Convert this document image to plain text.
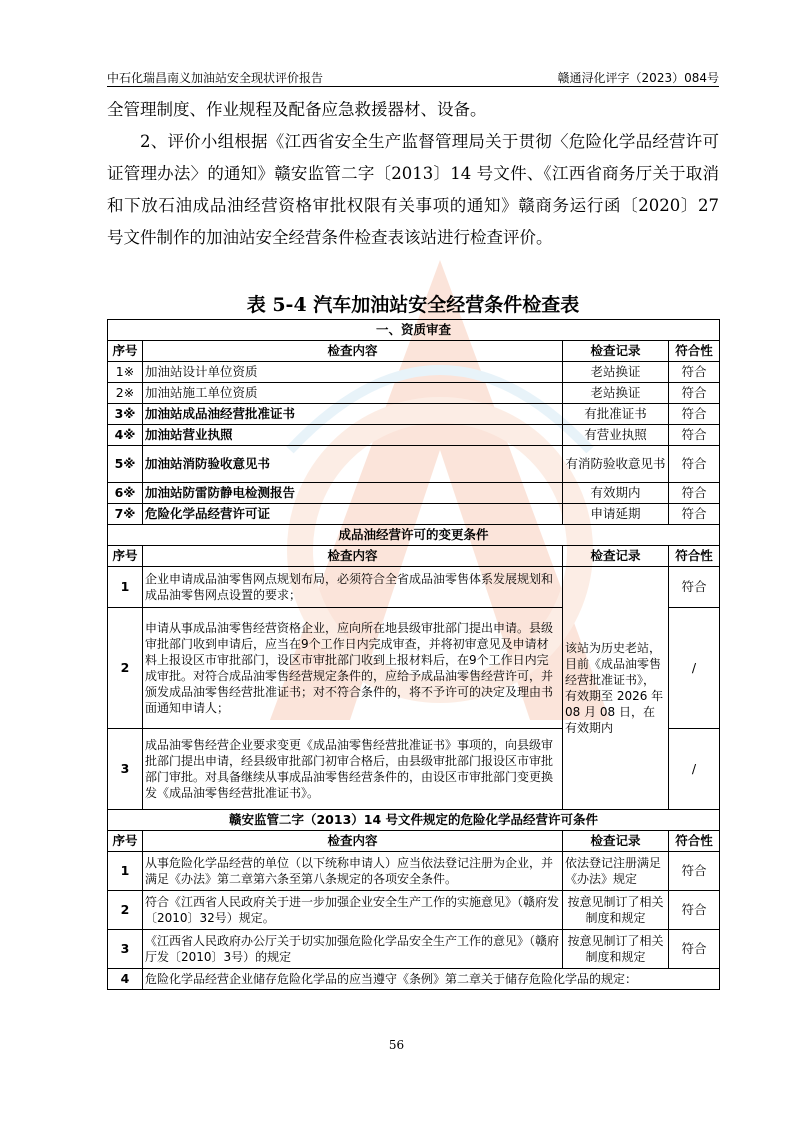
中石化瑞昌南义加油站安全现状评价报告	赣通浔化评字（2023）084号
全管理制度、作业规程及配备应急救援器材、设备。
2、评价小组根据《江西省安全生产监督管理局关于贯彻〈危险化学品经营许可证管理办法〉的通知》赣安监管二字〔2013〕14 号文件、《江西省商务厅关于取消和下放石油成品油经营资格审批权限有关事项的通知》赣商务运行函〔2020〕27 号文件制作的加油站安全经营条件检查表该站进行检查评价。
表 5-4 汽车加油站安全经营条件检查表
一、资质审查			
序号	检查内容	检查记录	符合性
1※	加油站设计单位资质	老站换证	符合
2※	加油站施工单位资质	老站换证	符合
3※	加油站成品油经营批准证书	有批准证书	符合
4※	加油站营业执照	有营业执照	符合
5※	加油站消防验收意见书	有消防验收意见书	符合
6※	加油站防雷防静电检测报告	有效期内	符合
7※	危险化学品经营许可证	申请延期	符合
成品油经营许可的变更条件			
序号	检查内容	检查记录	符合性
1	企业申请成品油零售网点规划布局，必须符合全省成品油零售体系发展规划和成品油零售网点设置的要求；	该站为历史老站，目前《成品油零售经营批准证书》，有效期至 2026 年 08 月 08 日，在有效期内	符合
2	申请从事成品油零售经营资格企业，应向所在地县级审批部门提出申请。县级审批部门收到申请后，应当在9个工作日内完成审查，并将初审意见及申请材料上报设区市审批部门，设区市审批部门收到上报材料后，在9个工作日内完成审批。对符合成品油零售经营规定条件的，应给予成品油零售经营许可，并颁发成品油零售经营批准证书；对不符合条件的，将不予许可的决定及理由书面通知申请人；		/
3	成品油零售经营企业要求变更《成品油零售经营批准证书》事项的，向县级审批部门提出申请，经县级审批部门初审合格后，由县级审批部门报设区市审批部门审批。对具备继续从事成品油零售经营条件的，由设区市审批部门变更换发《成品油零售经营批准证书》。		/
赣安监管二字（2013）14 号文件规定的危险化学品经营许可条件			
序号	检查内容	检查记录	符合性
1	从事危险化学品经营的单位（以下统称申请人）应当依法登记注册为企业，并满足《办法》第二章第六条至第八条规定的各项安全条件。	依法登记注册满足《办法》规定	符合
2	符合《江西省人民政府关于进一步加强企业安全生产工作的实施意见》（赣府发〔2010〕32号）规定。	按意见制订了相关制度和规定	符合
3	《江西省人民政府办公厅关于切实加强危险化学品安全生产工作的意见》（赣府厅发〔2010〕3号）的规定	按意见制订了相关制度和规定	符合
4	危险化学品经营企业储存危险化学品的应当遵守《条例》第二章关于储存危险化学品的规定：		
56
